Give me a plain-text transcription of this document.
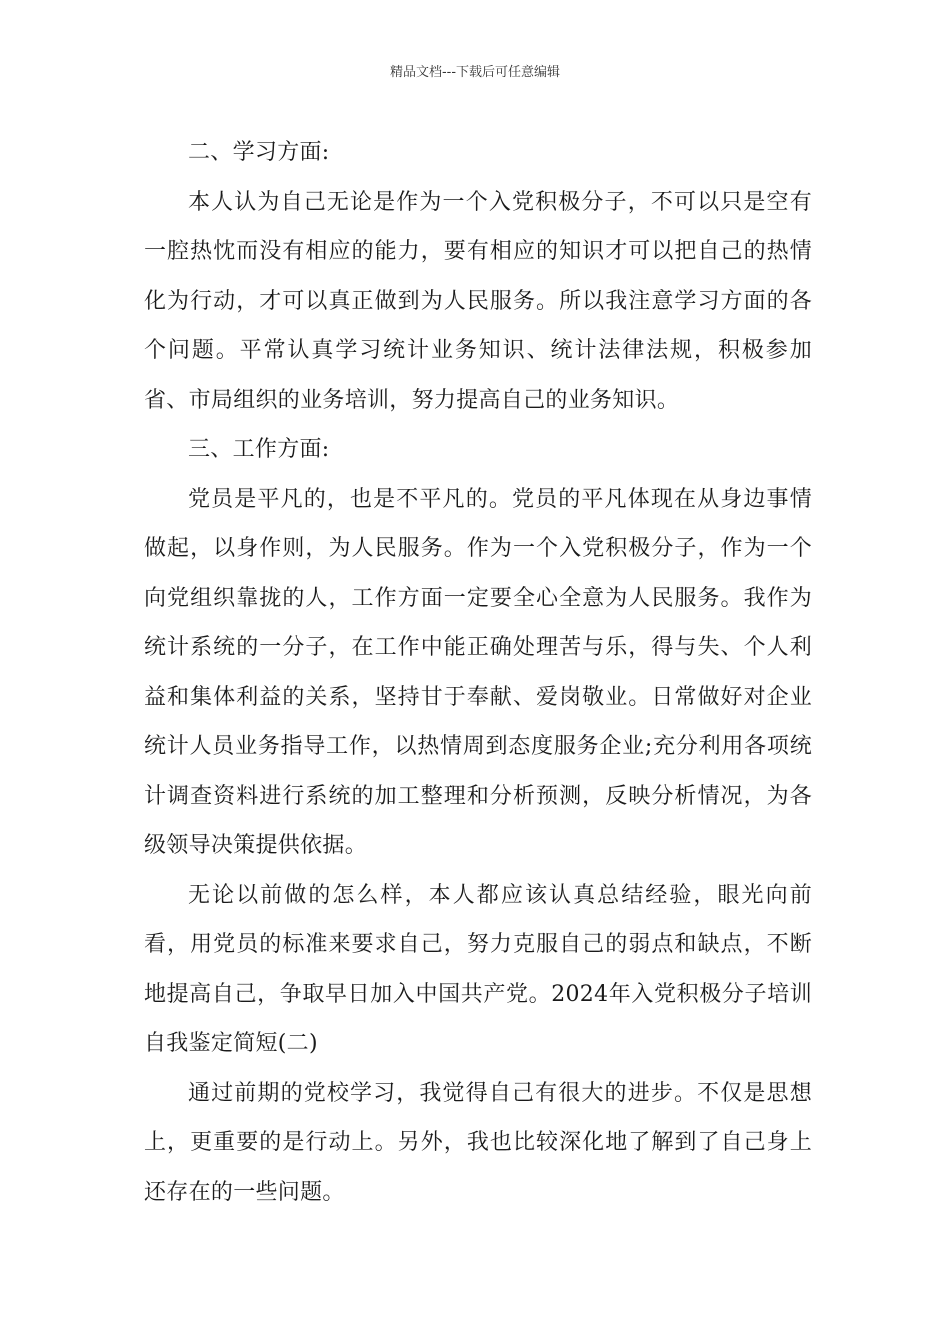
精品文档---下载后可任意编辑

二、学习方面:

本人认为自己无论是作为一个入党积极分子，不可以只是空有一腔热忱而没有相应的能力，要有相应的知识才可以把自己的热情化为行动，才可以真正做到为人民服务。所以我注意学习方面的各个问题。平常认真学习统计业务知识、统计法律法规，积极参加省、市局组织的业务培训，努力提高自己的业务知识。

三、工作方面:

党员是平凡的，也是不平凡的。党员的平凡体现在从身边事情做起，以身作则，为人民服务。作为一个入党积极分子，作为一个向党组织靠拢的人，工作方面一定要全心全意为人民服务。我作为统计系统的一分子，在工作中能正确处理苦与乐，得与失、个人利益和集体利益的关系，坚持甘于奉献、爱岗敬业。日常做好对企业统计人员业务指导工作，以热情周到态度服务企业;充分利用各项统计调查资料进行系统的加工整理和分析预测，反映分析情况，为各级领导决策提供依据。

无论以前做的怎么样，本人都应该认真总结经验，眼光向前看，用党员的标准来要求自己，努力克服自己的弱点和缺点，不断地提高自己，争取早日加入中国共产党。2024年入党积极分子培训自我鉴定简短(二)

通过前期的党校学习，我觉得自己有很大的进步。不仅是思想上，更重要的是行动上。另外，我也比较深化地了解到了自己身上还存在的一些问题。
